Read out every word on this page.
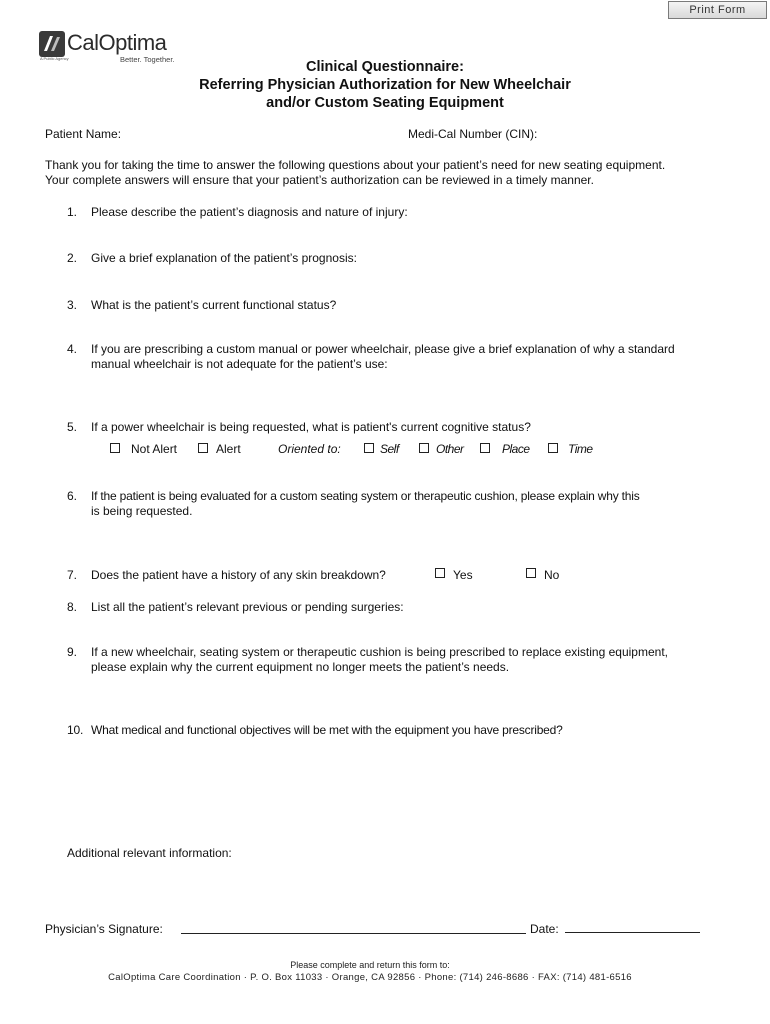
Print Form
CalOptima
A Public Agency	Better. Together.	Clinical Questionnaire:
Referring Physician Authorization for New Wheelchair
and/or Custom Seating Equipment
Patient Name:	Medi-Cal Number (CIN):
Thank you for taking the time to answer the following questions about your patient’s need for new seating equipment.
Your complete answers will ensure that your patient’s authorization can be reviewed in a timely manner.
1. Please describe the patient’s diagnosis and nature of injury:
2. Give a brief explanation of the patient’s prognosis:
3. What is the patient’s current functional status?
4. If you are prescribing a custom manual or power wheelchair, please give a brief explanation of why a standard
manual wheelchair is not adequate for the patient’s use:
5. If a power wheelchair is being requested, what is patient's current cognitive status?
Not Alert	Alert	Oriented to:	Self	Other	Place	Time
6. If the patient is being evaluated for a custom seating system or therapeutic cushion, please explain why this
is being requested.
7. Does the patient have a history of any skin breakdown?	Yes	No
8. List all the patient’s relevant previous or pending surgeries:
9. If a new wheelchair, seating system or therapeutic cushion is being prescribed to replace existing equipment,
please explain why the current equipment no longer meets the patient’s needs.
10. What medical and functional objectives will be met with the equipment you have prescribed?
Additional relevant information:
Physician’s Signature:	Date:
Please complete and return this form to:
CalOptima Care Coordination · P. O. Box 11033 · Orange, CA 92856 · Phone: (714) 246-8686 · FAX: (714) 481-6516
